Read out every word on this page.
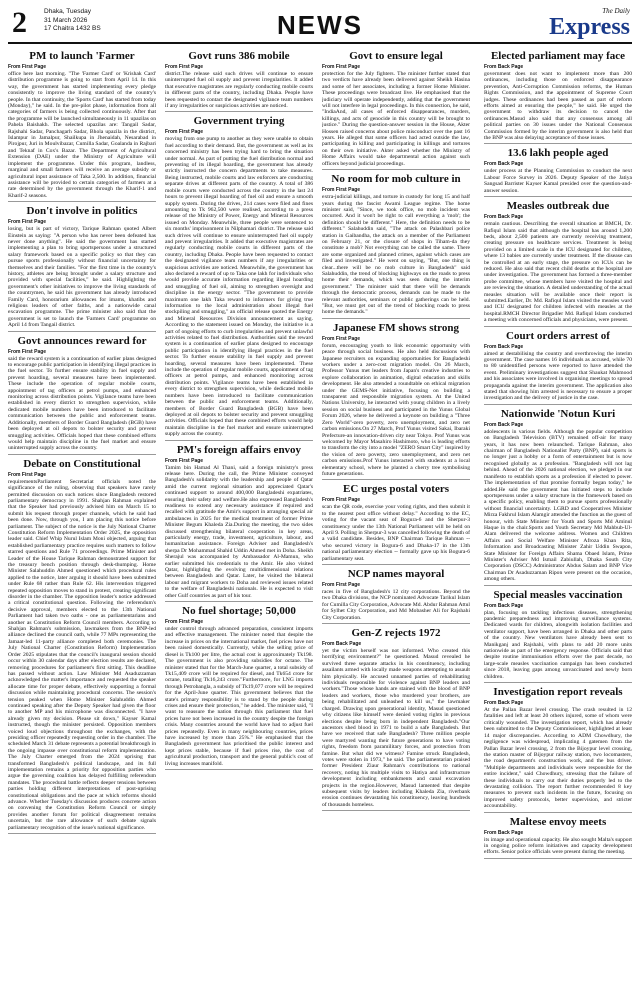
2	Dhaka, Tuesday
31 March 2026
17 Chaitra 1432 BS	NEWS	The Daily
Express
PM to launch 'Farmer
From First Page
office here last morning. "The 'Farmer Card' or 'Krishak Card' distribution programme is going to start from April 14. In this way, the government has started implementing every pledge consistently to improve the living standard of the country's people. In that continuity, the 'Sports Card' has started from today (Monday)," he said. In the pre-pilot phase, information from all categories of farmers is being collected continuously. After that the programme will be launched simultaneously in 11 upazilas on Pahela Baishakh. The selected upazilas are: Tangail Sadar, Rajshahi Sadar, Panchagarh Sadar, Bhola upazila in the district, Islampur in Jamalpur, Shailkupa in Jhenaidah, Nesarabad in Pirojpur, Juri in Moulvibazar, Cumilla Sadar, Goalanda in Rajbari and Teknaf in Cox's Bazar. The Department of Agricultural Extension (DAE) under the Ministry of Agriculture will implement the programme. Under this program, landless, marginal and small farmers will receive an average subsidy or agricultural input assistance of Taka 2,500. In addition, financial assistance will be provided to certain categories of farmers at a rate determined by the government through the Kharif-1 and Kharif-2 seasons.
Don't involve in politics
From First Page
losing, but is part of victory, Tarique Rahman quoted Albert Einstein as saying: "A person who has never been defeated has never done anything". He said the government has started implementing a plan to bring sportspersons under a structured salary framework based on a specific policy so that they can pursue sports professionally without financial uncertainty for themselves and their families. "For the first time in the country's history, athletes are being brought under a salary structure and provided with special facilities," he said. Highlighting the government's other initiatives to improve the living standards of the countrymen, he said his government has already introduced Family Card, honorarium allowances for imams, khatibs and religious leaders of other faiths, and a nationwide canal excavation programme. The prime minister also said that the government is set to launch the 'Farmers Card' programme on April 14 from Tangail district.
Govt announces reward for
From First Page
said the reward system is a continuation of earlier plans designed to encourage public participation in identifying illegal practices in the fuel sector. To further ensure stability in fuel supply and prevent hoarding, several measures have been implemented. These include the operation of regular mobile courts, appointment of tag officers at petrol pumps, and enhanced monitoring across distribution points. Vigilance teams have been established in every district to strengthen supervision, while dedicated mobile numbers have been introduced to facilitate communication between the public and enforcement teams. Additionally, members of Border Guard Bangladesh (BGB) have been deployed at oil depots to bolster security and prevent smuggling activities. Officials hoped that these combined efforts would help maintain discipline in the fuel market and ensure uninterrupted supply across the country.
Debate on Constitutional
From First Page
requirementsParliament Secretariat officials noted the significance of the ruling, observing that speakers have rarely permitted discussion on such notices since Bangladesh restored parliamentary democracy in 1991. Shahjan Rahman explained that the Speaker had previously advised him on March 15 to submit his request through proper channels, which he said had been done. Now, through you, I am placing this notice before parliament. The subject of the notice is the July National Charter Constitution Reform Implementation Order 2025, the opposition leader said. Chief Whip Nurul Islam Moni objected, arguing that established parliamentary practice requires such matters to follow starred questions and Rule 71 proceedings. Prime Minister and Leader of the House Tarique Rahman demonstrated support for the treasury bench position through desk-thumping. Home Minister Salahuddin Ahmed questioned which procedural rules applied to the notice, later arguing it should have been submitted under Rule 68 rather than Rule 62. His intervention triggered repeated opposition moves to stand in protest, creating significant disorder in the chamber. The opposition leader's notice addressed a critical constitutional question. Following the referendum's decisive approval, members elected to the 13th National Parliament had taken two oaths - one as parliamentarians and another as Constitution Reform Council members. According to Shahjan Rahman's submission, lawmakers from the BNP-led alliance declined the council oath, while 77 MPs representing the Jamaat-led 11-party alliance completed both ceremonies. The July National Charter (Constitution Reform) Implementation Order 2025 stipulates that the council's inaugural session should occur within 30 calendar days after election results are declared, removing procedures for parliament's first sitting. This deadline has passed without action. Law Minister Md Asaduzzaman acknowledged the matter's importance and requested the speaker allocate time for proper debate, effectively supporting a formal discussion while maintaining procedural concerns. The session's tension peaked when Home Minister Salahuddin Ahmed continued speaking after the Deputy Speaker had given the floor to another MP and his microphone was disconnected. "I have already given my decision. Please sit down," Kayser Kamal instructed, though the minister persisted. Opposition members voiced loud objections throughout the exchanges, with the presiding officer repeatedly requesting order in the chamber. The scheduled March 31 debate represents a potential breakthrough in the ongoing impasse over constitutional reform implementation. The July Charter emerged from the 2024 uprising that transformed Bangladesh's political landscape, and its full implementation remains a priority for opposition parties who argue the governing coalition has delayed fulfilling referendum mandates. The procedural battle reflects deeper tensions between parties holding different interpretations of post-uprising constitutional obligations and the pace at which reforms should advance. Whether Tuesday's discussion produces concrete action on convening the Constitution Reform Council or simply provides another forum for political disagreement remains uncertain, but the rare allowance of such debate signals parliamentary recognition of the issue's national significance.
Govt runs 386 mobile
From First Page
district.The release said such drives will continue to ensure uninterrupted fuel oil supply and prevent irregularities. It added that executive magistrates are regularly conducting mobile courts in different parts of the country, including Dhaka. People have been requested to contact the designated vigilance team numbers if any irregularities or suspicious activities are noticed.
Government trying
From First Page
moving from one pump to another as they were unable to obtain fuel according to their demand. But, the government as well as its concerned ministry has been trying hard to bring the situation under normal. As part of putting the fuel distribution normal and preventing of its illegal hoarding, the government has already strictly instructed the concern departments to take measures. Being instructed, mobile courts and law enforcers are conducting separate drives at different parts of the country. A total of 386 mobile courts were conducted across the country in the last 24 hours to prevent illegal hoarding of fuel oil and ensure a smooth supply system. During the drives, 214 cases were filed and fines amounting to Tk 962,500 were realised, according to a press release of the Ministry of Power, Energy and Mineral Resources issued on Monday. Meanwhile, three people were sentenced to six months' imprisonment in Nilphamari district. The release said such drives will continue to ensure uninterrupted fuel oil supply and prevent irregularities. It added that executive magistrates are regularly conducting mobile courts in different parts of the country, including Dhaka. People have been requested to contact the designated vigilance team numbers if any irregularities or suspicious activities are noticed. Meanwhile, the government has also declared a reward of up to Taka one lakh for individuals who would provide accurate information regarding illegal hoarding and smuggling of fuel oil, aiming to strengthen oversight and discipline in the energy sector. "The government to provide maximum one lakh Taka reward to informers for giving true information to the local administration about illegal fuel stockpiling and smuggling," an official release quoted the Energy and Mineral Resources Division announcement as saying. According to the statement issued on Monday, the initiative is a part of ongoing efforts to curb irregularities and prevent unlawful activities related to fuel distribution. Authorities said the reward system is a continuation of earlier plans designed to encourage public participation in identifying illegal practices in the fuel sector. To further ensure stability in fuel supply and prevent hoarding, several measures have been implemented. These include the operation of regular mobile courts, appointment of tag officers at petrol pumps, and enhanced monitoring across distribution points. Vigilance teams have been established in every district to strengthen supervision, while dedicated mobile numbers have been introduced to facilitate communication between the public and enforcement teams. Additionally, members of Border Guard Bangladesh (BGB) have been deployed at oil depots to bolster security and prevent smuggling activities. Officials hoped that these combined efforts would help maintain discipline in the fuel market and ensure uninterrupted supply across the country.
PM's foreign affairs envoy
From First Page
Tamim bin Hamad Al Thani, said a foreign ministry's press release here. During the call, the Prime Minister conveyed Bangladesh's solidarity with the leadership and people of Qatar amid the current regional situation and appreciated Qatar's continued support to around 400,000 Bangladeshi expatriates, ensuring their safety and welfare.He also expressed Bangladesh's readiness to extend any necessary assistance if required and recalled with gratitude the Amir's support in arranging special air ambulances in 2025 for the medical treatment of former Prime Minister Begum Khaleda Zia.During the meeting, the two sides discussed strengthening bilateral cooperation in key areas, particularly energy, trade, investment, agriculture, labour, and humanitarian assistance. Foreign Adviser and Bangladesh's sherpa Dr Mohammad Shahid Uddin Ahmed met in Doha. Sheikh Sherajul was accompanied by Ambassador Al-Mamun, who earlier submitted his credentials to the Amir. He also visited Qatar, highlighting the evolving multidimensional relations between Bangladesh and Qatar. Later, he visited the bilateral labour and migrant workers to Doha and reviewed issues related to the welfare of Bangladeshi nationals. He is expected to visit other Gulf countries as part of his tour.
No fuel shortage; 50,000
From First Page
under control through advanced preparation, consistent imports and effective management. The minister noted that despite the increase in prices on the international market, fuel prices have not been raised domestically. Currently, while the selling price of diesel is Tk100 per litre, the actual cost is approximately Tk198. The government is also providing subsidies for octane. The minister stated that for the March-June quarter, a total subsidy of Tk15,409 crore will be required for diesel, and Tk654 crore for octane, totalling Tk16,243 crore."Furthermore, for LNG imports through Petrobangla, a subsidy of Tk19,077 crore will be required for the April-June quarter. This government believes that the state's primary responsibility is to stand by the people during crises and ensure their protection," he added. The minister said, "I want to reassure the nation through this parliament that fuel prices have not been increased in the country despite the foreign crisis. Many countries around the world have had to adjust fuel prices repeatedly. Even in many neighbouring countries, prices have increased by more than 25%." He emphasised that the Bangladesh government has prioritised the public interest and kept prices stable, because if fuel prices rise, the cost of agricultural production, transport and the general public's cost of living increases manifold.
Govt to ensure legal
From First Page
protection for the July fighters. The minister further stated that two verdicts have already been delivered against Sheikh Hasina and some of her associates, including a former Home Minister. These proceedings were broadcast live. He emphasised that the judiciary will operate independently, adding that the government will not interfere in legal proceedings. In this connection, he said, "IndiaAnd, all cases of enforced disappearances, murders, killings, and acts of genocide in this country will be brought to justice." During the question-answer session in the House, Akter Hossen raised concerns about police misconduct over the past 16 years. He alleged that some officers had acted outside the law, participating in killing and participating in killings and tortures on their own initiative. Akter asked whether the Ministry of Home Affairs would take departmental action against such officers beyond judicial proceedings.
No room for mob culture in
From First Page
extra-judicial killings, and torture in custody for long 15 and half years during the fascist Awami League regime. The home minister said, "Since, we took office, no mob incident was occurred. And it won't be right to call everything a 'mob'; the definition should be different." Here, the definition needs to be different." Salahuddin said, "The attack on Palashbari police station in Gaibandha, the attack on a member of the Parliament on February 21, or the closure of shops in Tiham-da they constitute a mob? Not everything can be called the same. There are some organized and planned crimes, against which cases are filed and investigated." He went on saying, "But, one thing is clear...there will be no mob culture in Bangladesh" said Salahuddin, the trend of blocking highways on the roads to press home their demands, which was seen during the interim government." The minister said that there will be demands through the democratic process, demands can be made to the relevant authorities, seminars or public gatherings can be held. "But, we must get out of the trend of blocking roads to press home the demands."
Japanese FM shows strong
From First Page
forum, encouraging youth to link economic opportunity with peace through social business. He also held discussions with Japanese recruiters on expanding opportunities for Bangladeshi workers under a zero-cost migration model. On 26 March, Professor Yunus met leaders from Japan's creative industries to explore collaboration in animation, digital education and skills development. He also attended a roundtable on ethical migration under the GEMS-Net initiative, focusing on building a transparent and responsible migration system. At the United Nations University, he interacted with young children in a lively session on social business and participated in the Yunus Global Forum 2026, where he delivered a keynote on building a "Three Zero World"-zero poverty, zero unemployment, and zero net carbon emissions.On 27 March, Prof Yunus visited Sakai, Ibaraki Prefecture-an innovation-driven city near Tokyo. Prof Yunus was welcomed by Mayor Masahiro Hashimoto, who is leading efforts to transform the city into a model "ZERO Smart City" inspired by the vision of zero poverty, zero unemployment, and zero net carbon emissions.Prof Yunus interacted with students at a local elementary school, where he planted a cherry tree symbolising future generations.
EC urges postal voters
From First Page
scan the QR code, exercise your voting rights, and then submit it to the nearest post office without delay." According to the EC, voting for the vacant seat of Bogura-6 and the Sherpur-3 constituency under the 13th National Parliament will be held on April 9. Polling in Sherpur-3 was cancelled following the death of a valid candidate. Besides, BNP Chairman Tarique Rahman -- who secured victory in Bogura-6 and Dhaka-17 in the 13th national parliamentary election -- formally gave up his Bogura-6 parliamentary seat.
NCP names mayoral
From First Page
races in five of Bangladesh's 12 city corporations. Beyond the two Dhaka divisions, the NCP nominated Advocate Tarikul Islam for Cumilla City Corporation, Advocate Md. Abdur Rahman Attul for Sylhet City Corporation, and Md Mobasher Ali for Rajshahi City Corporation.
Gen-Z rejects 1972
From Back Page
yet the victim herself was not informed. Who created this horrifying environment?" he questioned. Masud revealed he survived three separate attacks in his constituency, including assailants armed with locally made weapons attempting to assault him physically. He accused unnamed parties of rehabilitating individuals responsible for violence against BNP leaders and workers."Those whose hands are stained with the blood of BNP leaders and workers, those who murdered your brothers, are being rehabilitated and unleashed to kill us," the lawmaker charged. Drawing upon generational identity, Masud questioned why citizens like himself were denied voting rights in previous elections despite being born in independent Bangladesh."Our ancestors shed blood in 1971 to build a safe Bangladesh. But have we received that safe Bangladesh? Three million people were martyred wanting their future generations to have voting rights, freedom from paramilitary forces, and protection from famine. But what did we witness? Famine struck Bangladesh, votes were stolen in 1973," he said. The parliamentarian praised former President Ziaur Rahman's contributions to national recovery, noting his multiple visits to Hatiya and infrastructure development including embankments and canal excavation projects in the region.However, Masud lamented that despite subsequent visits by leaders including Khaleda Zia, riverbank erosion continues devastating his constituency, leaving hundreds of thousands homeless.
Elected parliament may face
From Back Page
government does not want to implement more than 200 ordinances, including those on enforced disappearance prevention, Anti-Corruption Commission reforms, the Human Rights Commission, and the appointment of Supreme Court judges. These ordinances had been passed as part of reform efforts aimed at ensuring the people," he said. He urged the government to withdraw its decision to cancel the ordinances.Masud also said that any consensus among all political parties on 30 issues under the National Consensus Commission formed by the interim government is also held that the BNP was also delaying acceptance of those issues.
13.6 lakh people aged
From Back Page
under process at the Planning Commission to conduct the next Labour Force Survey in 2026. Deputy Speaker of the Jatiya Sangsad Barrister Kayser Kamal presided over the question-and-answer session.
Measles outbreak due
From Back Page
remain cautious. Describing the overall situation at BMCH, Dr. Rafiqul Islam said that although the hospital has around 1,200 beds, about 2,500 patients are currently receiving treatment, creating pressure on healthcare services. Treatment is being provided on a limited scale in the ICU designated for children, where 13 babies are currently under treatment. If the disease can be controlled at an early stage, the pressure on ICUs can be reduced. He also said that recent child deaths at the hospital are under investigation. The government has formed a three-member probe committee, whose members have visited the hospital and are reviewing the situation. A detailed understanding of the actual measles situation will be available once their report is submitted.Earlier, Dr. Md. Rafiqul Islam visited the measles ward and ICU designated for children infected with measles at the hospital.RMCH Director Brigadier Md. Rafiqul Islam conducted a meeting with concerned officials and physicians, were present.
Court orders arrest of
From Back Page
aimed at destabilising the country and overthrowing the interim government. The case names 16 individuals as accused, while 70 to 80 unidentified persons were reported to have attended the event. Preliminary investigations suggest that Shaukat Mahmood and his associates were involved in organising meetings to spread propaganda against the interim government. The application also stated that showing him arrested is necessary to ensure a proper investigation and the delivery of justice in the case.
Nationwide 'Notun Kuri
From Back Page
adolescents in various fields. Although the popular competition on Bangladesh Television (BTV) remained off-air for many years, it has now been relaunched. Tarique Rahman, also chairman of Bangladesh Nationalist Party (BNP), said sports is no longer just a hobby or a form of entertainment but is now recognised globally as a profession. "Bangladesh will not lag behind. Ahead of the 2026 national election, we pledged in our manifesto to establish sports as a profession if elected to power. The implementation of that promise formally began today," he added.He said the government has initiated steps to include sportspersons under a salary structure in the framework based on a specific policy, enabling them to pursue sports professionally without financial uncertainty. LGRD and Cooperatives Minister Mirza Fakhrul Islam Alamgir attended the function as the guest of honour, with State Minister for Youth and Sports Md Aminul Haque in the chair.Sports and Youth Secretary Md Mahbub-Ul-Alam delivered the welcome address. Women and Children Affairs and Social Welfare Minister Afroza Khan Rita, Information and Broadcasting Minister Zahir Uddin Swapon, State Minister for Foreign Affairs Shama Obaed Islam, Prime Minister's Adviser Md Ismail Zabiullah, Dhaka South City Corporation (DSCC) Administrator Abdus Salam and BNP Vice Chairman Dr Asaduzzaman Ripon were present on the occasion, among others.
Special measles vaccination
From Back Page
plan, focusing on tackling infectious diseases, strengthening pandemic preparedness and improving surveillance systems. Dedicated wards for children, alongwith isolation facilities and ventilator support, have been arranged in Dhaka and other parts of the country. New ventilators have already been sent to Manikganj and Rajshahi, with plans to add 20 more units nationwide as part of the emergency response. Officials said that despite routine immunisation efforts over the past decade, no large-scale measles vaccination campaign has been conducted since 2018, leaving gaps among unvaccinated and newly born children.
Investigation report reveals
From Back Page
At the Pallan Bazar level crossing. The crash resulted in 12 fatalities and left at least 20 others injured, some of whom were critically wounded. The investigation report, which has already been submitted to the Deputy Commissioner, highlighted at least 14 major discrepancies. According to ADM Chowdhury, the negligence was widespread, implicating 4 gatemen from the Pallan Bazar level crossing, 2 from the Bijoypur level crossing, the station master of Bijoypur railway station, two locomasters, the road department's construction work, and the bus driver. "Multiple departments and individuals were responsible for the entire incident," said Chowdhury, stressing that the failure of these individuals to carry out their duties properly led to the devastating collision. The report further recommended 8 key measures to prevent such incidents in the future, focusing on improved safety protocols, better supervision, and stricter accountability.
Maltese envoy meets
From Back Page
its image and operational capacity. He also sought Malta's support in ongoing police reform initiatives and capacity development efforts. Senior police officials were present during the meeting.
